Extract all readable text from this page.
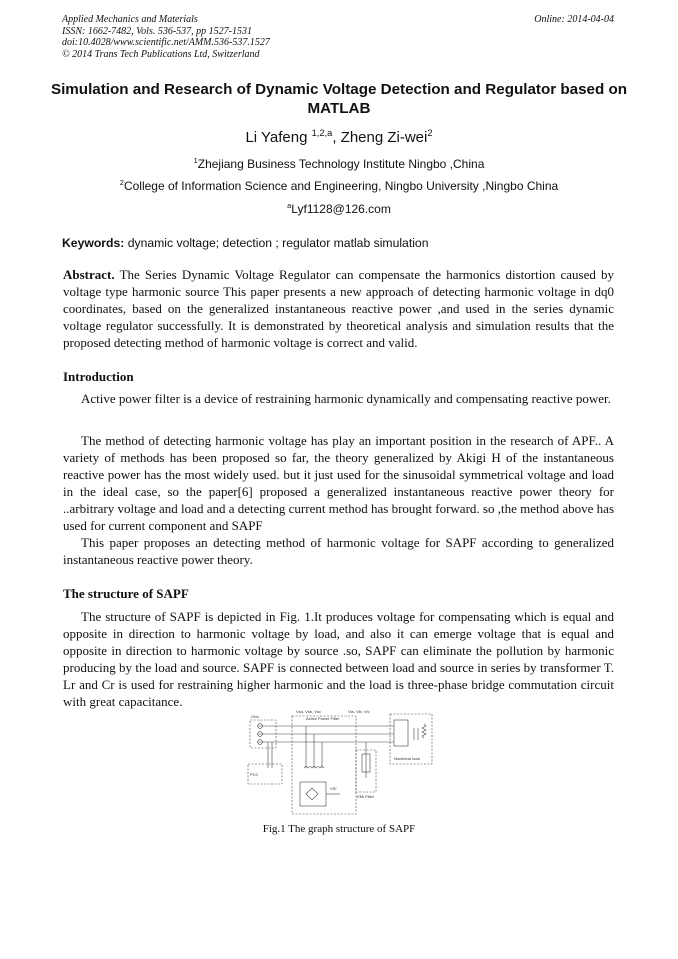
Applied Mechanics and Materials
ISSN: 1662-7482, Vols. 536-537, pp 1527-1531
doi:10.4028/www.scientific.net/AMM.536-537.1527
© 2014 Trans Tech Publications Ltd, Switzerland
Online: 2014-04-04
Simulation and Research of Dynamic Voltage Detection and Regulator based on MATLAB
Li Yafeng $^{1,2,a}$, Zheng Zi-wei$^2$
$^1$Zhejiang Business Technology Institute Ningbo ,China
$^2$College of Information Science and Engineering, Ningbo University ,Ningbo China
$^a$Lyf1128@126.com
Keywords: dynamic voltage; detection ; regulator matlab simulation
Abstract. The Series Dynamic Voltage Regulator can compensate the harmonics distortion caused by voltage type harmonic source This paper presents a new approach of detecting harmonic voltage in dq0 coordinates, based on the generalized instantaneous reactive power ,and used in the series dynamic voltage regulator successfully. It is demonstrated by theoretical analysis and simulation results that the proposed detecting method of harmonic voltage is correct and valid.
Introduction
Active power filter is a device of restraining harmonic dynamically and compensating reactive power.
The method of detecting harmonic voltage has play an important position in the research of APF.. A variety of methods has been proposed so far, the theory generalized by Akigi H of the instantaneous reactive power has the most widely used. but it just used for the sinusoidal symmetrical voltage and load in the ideal case, so the paper[6] proposed a generalized instantaneous reactive power theory for ..arbitrary voltage and load and a detecting current method has brought forward. so ,the method above has used for current component and SAPF
This paper proposes an detecting method of harmonic voltage for SAPF according to generalized instantaneous reactive power theory.
The structure of SAPF
The structure of SAPF is depicted in Fig. 1.It produces voltage for compensating which is equal and opposite in direction to harmonic voltage by load, and also it can emerge voltage that is equal and opposite in direction to harmonic voltage by source .so, SAPF can eliminate the pollution by harmonic producing by the load and source. SAPF is connected between load and source in series by transformer T. Lr and Cr is used for restraining higher harmonic and the load is three-phase bridge commutation circuit with great capacitance.
Vsa, Vsb, Vsc	Vla, Vlb, Vlc
Grid	Active Power Filter
PCC
Nonlinear load
EMI Filter
VSI
Fig.1 The graph structure of SAPF
